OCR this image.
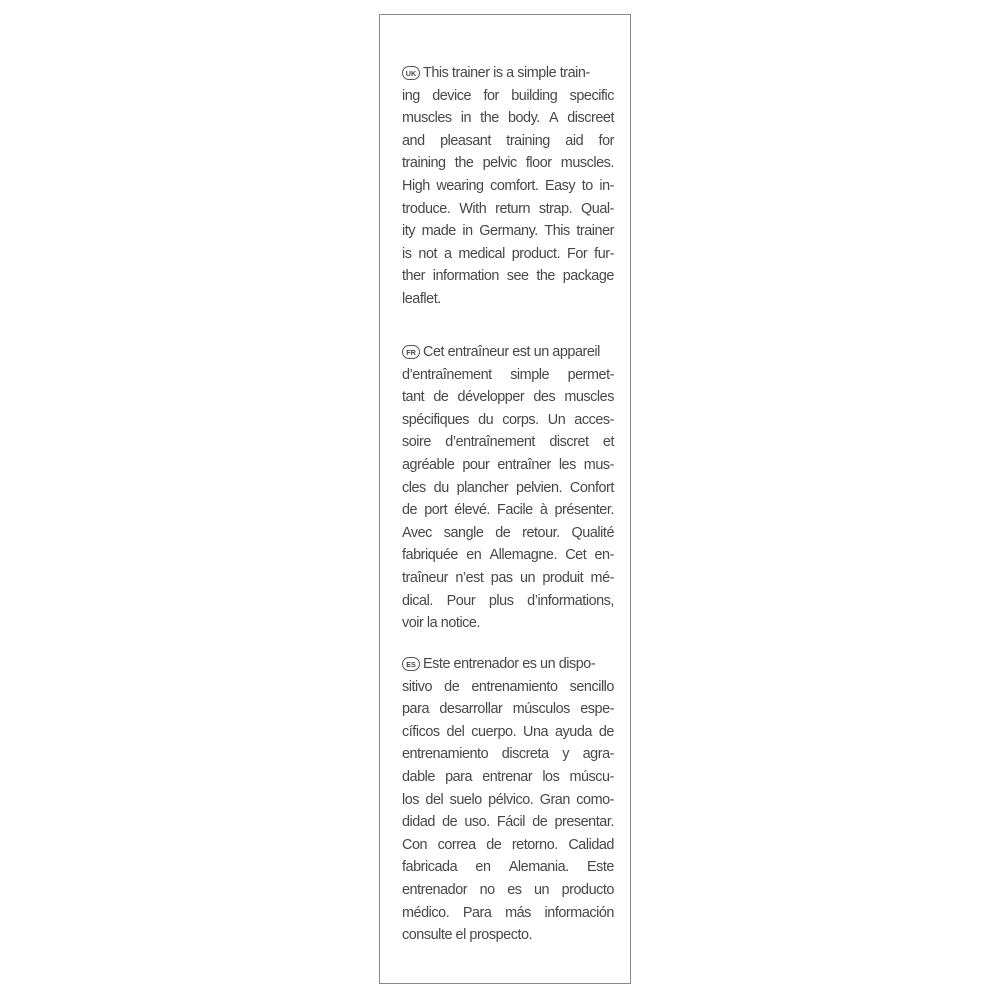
UK This trainer is a simple train-
ing device for building specific
muscles in the body. A discreet
and pleasant training aid for
training the pelvic floor muscles.
High wearing comfort. Easy to in-
troduce. With return strap. Qual-
ity made in Germany. This trainer
is not a medical product. For fur-
ther information see the package
leaflet.
FR Cet entraîneur est un appareil
d’entraînement simple permet-
tant de développer des muscles
spécifiques du corps. Un acces-
soire d’entraînement discret et
agréable pour entraîner les mus-
cles du plancher pelvien. Confort
de port élevé. Facile à présenter.
Avec sangle de retour. Qualité
fabriquée en Allemagne. Cet en-
traîneur n’est pas un produit mé-
dical. Pour plus d’informations,
voir la notice.
ES Este entrenador es un dispo-
sitivo de entrenamiento sencillo
para desarrollar músculos espe-
cíficos del cuerpo. Una ayuda de
entrenamiento discreta y agra-
dable para entrenar los múscu-
los del suelo pélvico. Gran como-
didad de uso. Fácil de presentar.
Con correa de retorno. Calidad
fabricada en Alemania. Este
entrenador no es un producto
médico. Para más información
consulte el prospecto.
